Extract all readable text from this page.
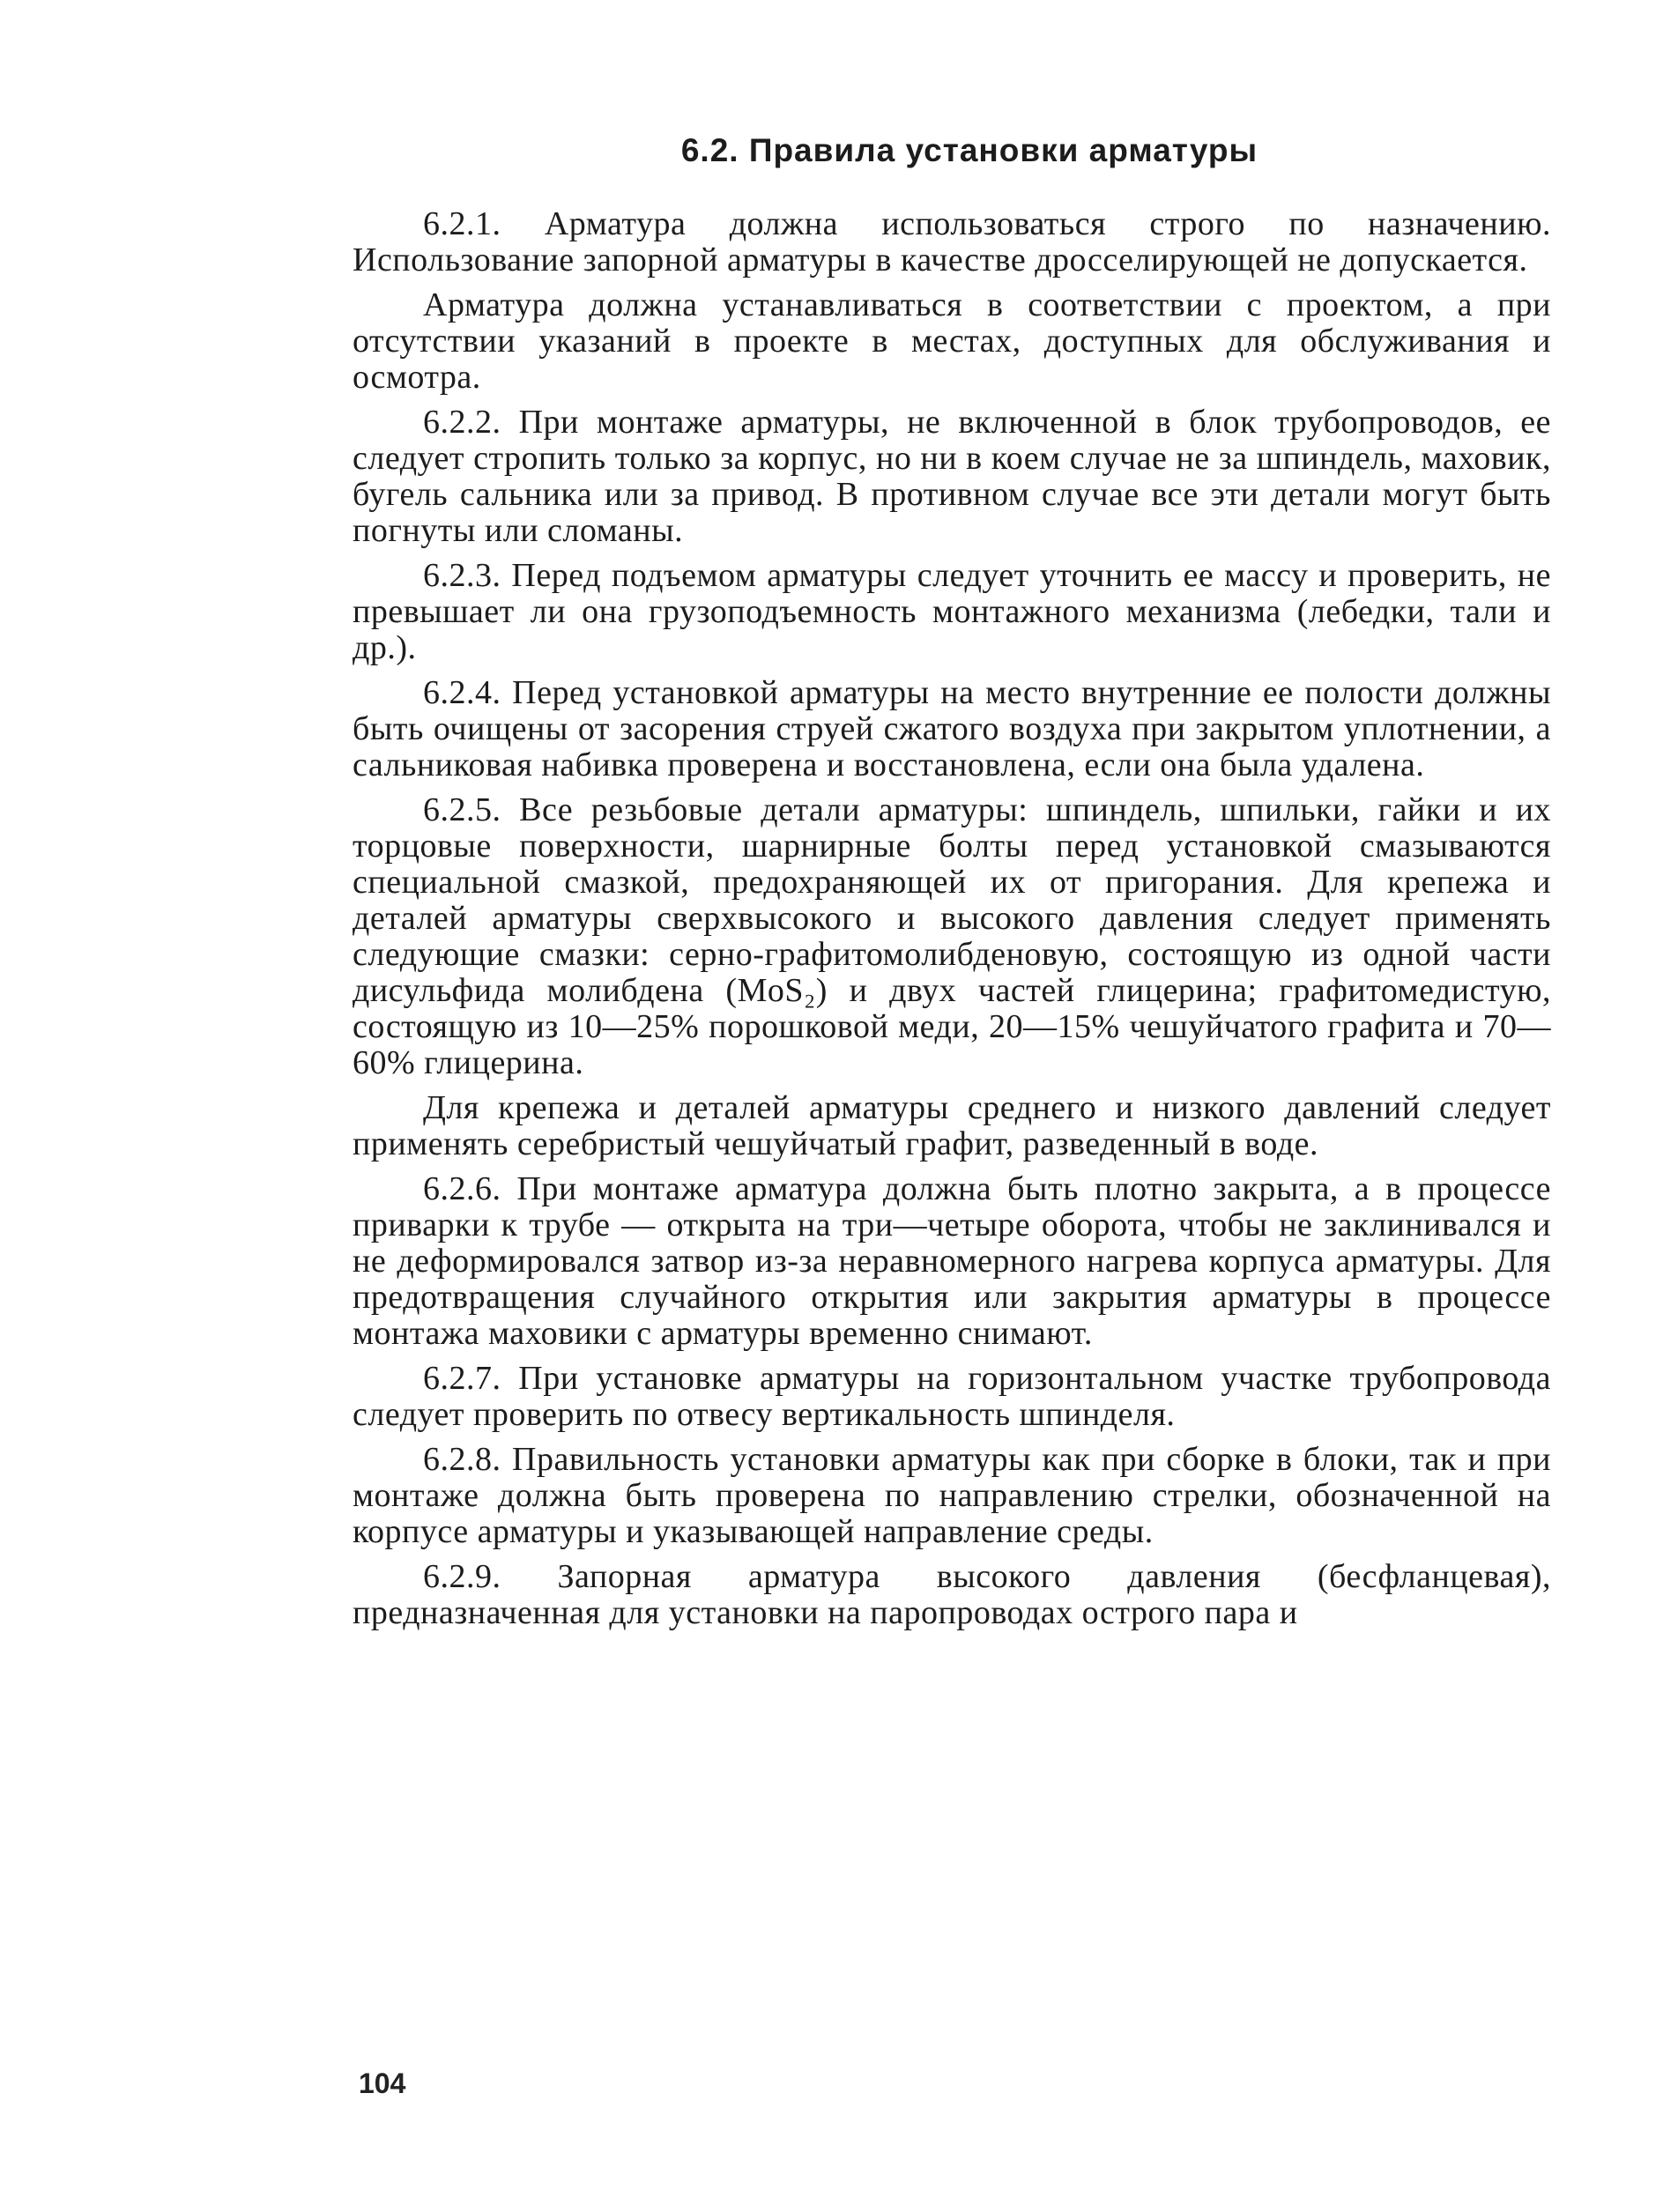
6.2. Правила установки арматуры

6.2.1. Арматура должна использоваться строго по назначению. Использование запорной арматуры в качестве дросселирующей не допускается.

Арматура должна устанавливаться в соответствии с проектом, а при отсутствии указаний в проекте в местах, доступных для обслуживания и осмотра.

6.2.2. При монтаже арматуры, не включенной в блок трубопроводов, ее следует стропить только за корпус, но ни в коем случае не за шпиндель, маховик, бугель сальника или за привод. В противном случае все эти детали могут быть погнуты или сломаны.

6.2.3. Перед подъемом арматуры следует уточнить ее массу и проверить, не превышает ли она грузоподъемность монтажного механизма (лебедки, тали и др.).

6.2.4. Перед установкой арматуры на место внутренние ее полости должны быть очищены от засорения струей сжатого воздуха при закрытом уплотнении, а сальниковая набивка проверена и восстановлена, если она была удалена.

6.2.5. Все резьбовые детали арматуры: шпиндель, шпильки, гайки и их торцовые поверхности, шарнирные болты перед установкой смазываются специальной смазкой, предохраняющей их от пригорания. Для крепежа и деталей арматуры сверхвысокого и высокого давления следует применять следующие смазки: серно-графитомолибденовую, состоящую из одной части дисульфида молибдена (MoS₂) и двух частей глицерина; графитомедистую, состоящую из 10—25% порошковой меди, 20—15% чешуйчатого графита и 70—60% глицерина.

Для крепежа и деталей арматуры среднего и низкого давлений следует применять серебристый чешуйчатый графит, разведенный в воде.

6.2.6. При монтаже арматура должна быть плотно закрыта, а в процессе приварки к трубе — открыта на три—четыре оборота, чтобы не заклинивался и не деформировался затвор из-за неравномерного нагрева корпуса арматуры. Для предотвращения случайного открытия или закрытия арматуры в процессе монтажа маховики с арматуры временно снимают.

6.2.7. При установке арматуры на горизонтальном участке трубопровода следует проверить по отвесу вертикальность шпинделя.

6.2.8. Правильность установки арматуры как при сборке в блоки, так и при монтаже должна быть проверена по направлению стрелки, обозначенной на корпусе арматуры и указывающей направление среды.

6.2.9. Запорная арматура высокого давления (бесфланцевая), предназначенная для установки на паропроводах острого пара и

104
